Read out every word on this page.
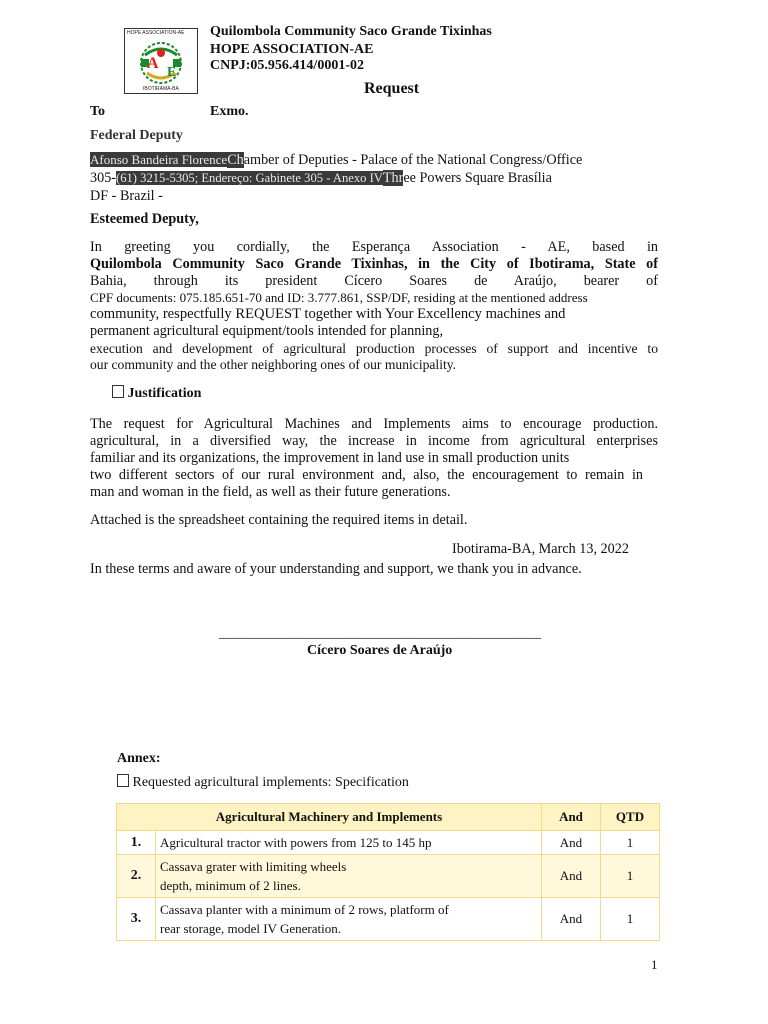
HOPE ASSOCIATION-AE
A
E
IBOTIRAMA-BA
Quilombola Community Saco Grande Tixinhas
HOPE ASSOCIATION-AE
CNPJ:05.956.414/0001-02
Request
To	Exmo.
Federal Deputy
Afonso Bandeira FlorenceChamber of Deputies - Palace of the National Congress/Office
305-(61) 3215-5305; Endereço: Gabinete 305 - Anexo IVThree Powers Square Brasília
DF - Brazil -
Esteemed Deputy,
In greeting you cordially, the Esperança Association - AE, based in
Quilombola Community Saco Grande Tixinhas, in the City of Ibotirama, State of
Bahia, through its president Cícero Soares de Araújo, bearer of
CPF documents: 075.185.651-70 and ID: 3.777.861, SSP/DF, residing at the mentioned address
community, respectfully REQUEST together with Your Excellency machines and
permanent agricultural equipment/tools intended for planning,
execution and development of agricultural production processes of support and incentive to
our community and the other neighboring ones of our municipality.
Justification
The request for Agricultural Machines and Implements aims to encourage production.
agricultural, in a diversified way, the increase in income from agricultural enterprises
familiar and its organizations, the improvement in land use in small production units
two different sectors of our rural environment and, also, the encouragement to remain in
man and woman in the field, as well as their future generations.
Attached is the spreadsheet containing the required items in detail.
Ibotirama-BA, March 13, 2022
In these terms and aware of your understanding and support, we thank you in advance.
______________________________________________
Cícero Soares de Araújo
Annex:
Requested agricultural implements: Specification
Agricultural Machinery and Implements		And	QTD
1.	Agricultural tractor with powers from 125 to 145 hp	And	1
2.	Cassava grater with limiting wheels
depth, minimum of 2 lines.	And	1
3.	Cassava planter with a minimum of 2 rows, platform of
rear storage, model IV Generation.	And	1
1
